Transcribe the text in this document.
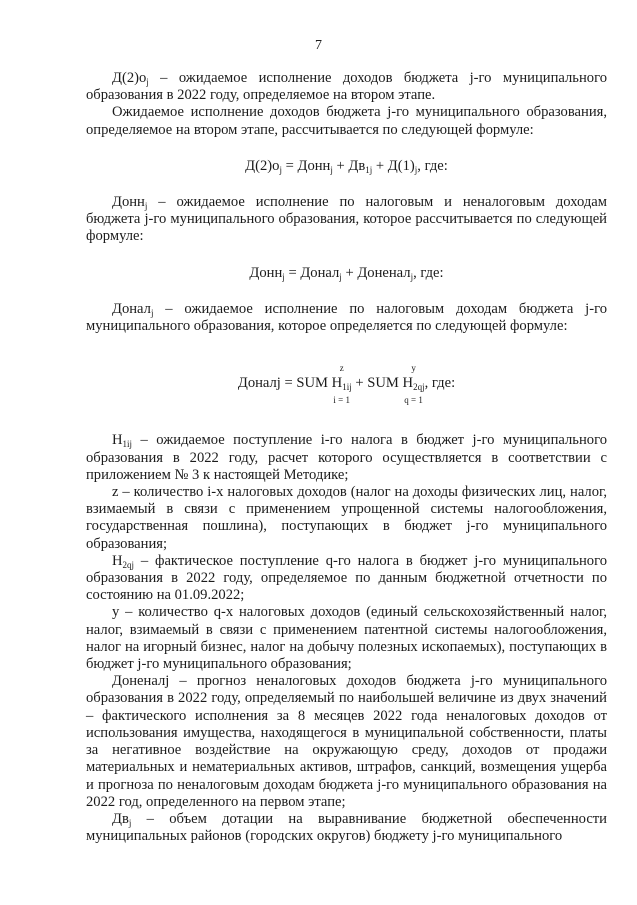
7

$Д(2)о_j$ – ожидаемое исполнение доходов бюджета j-го муниципального образования в 2022 году, определяемое на втором этапе.

Ожидаемое исполнение доходов бюджета j-го муниципального образования, определяемое на втором этапе, рассчитывается по следующей формуле:

$Д(2)о_j$ = Донн$_j$ + $Дв_{1j} + Д(1)_j$, где:

Донн$_j$ – ожидаемое исполнение по налоговым и неналоговым доходам бюджета j-го муниципального образования, которое рассчитывается по следующей формуле:

Донн$_j$ = Донал$_j$ + Доненал$_j$, где:

Донал$_j$ – ожидаемое исполнение по налоговым доходам бюджета j-го муниципального образования, которое определяется по следующей формуле:

Доналj = SUM
z
$H_{1ij}$
i = 1
+ SUM
y
$H_{2qj}$
q = 1
, где:

$H_{1ij}$ – ожидаемое поступление i-го налога в бюджет j-го муниципального образования в 2022 году, расчет которого осуществляется в соответствии с приложением № 3 к настоящей Методике;

z – количество i-х налоговых доходов (налог на доходы физических лиц, налог, взимаемый в связи с применением упрощенной системы налогообложения, государственная пошлина), поступающих в бюджет j-го муниципального образования;

$H_{2qj}$ – фактическое поступление q-го налога в бюджет j-го муниципального образования в 2022 году, определяемое по данным бюджетной отчетности по состоянию на 01.09.2022;

y – количество q-х налоговых доходов (единый сельскохозяйственный налог, налог, взимаемый в связи с применением патентной системы налогообложения, налог на игорный бизнес, налог на добычу полезных ископаемых), поступающих в бюджет j-го муниципального образования;

Доненалj – прогноз неналоговых доходов бюджета j-го муниципального образования в 2022 году, определяемый по наибольшей величине из двух значений – фактического исполнения за 8 месяцев 2022 года неналоговых доходов от использования имущества, находящегося в муниципальной собственности, платы за негативное воздействие на окружающую среду, доходов от продажи материальных и нематериальных активов, штрафов, санкций, возмещения ущерба и прогноза по неналоговым доходам бюджета j-го муниципального образования на 2022 год, определенного на первом этапе;

$Дв_j$ – объем дотации на выравнивание бюджетной обеспеченности муниципальных районов (городских округов) бюджету j-го муниципального
